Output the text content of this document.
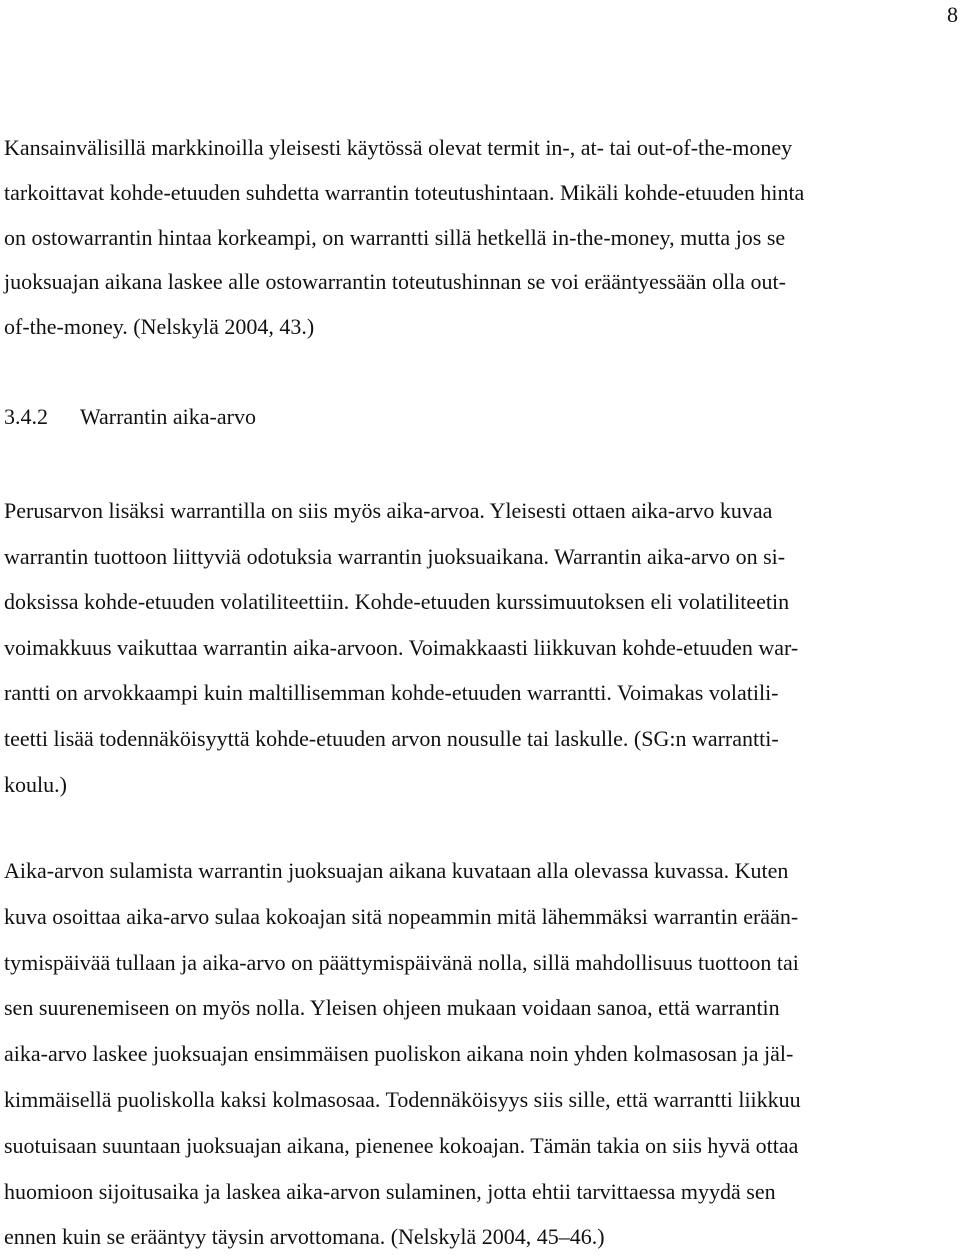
8

Kansainvälisillä markkinoilla yleisesti käytössä olevat termit in-, at- tai out-of-the-money
tarkoittavat kohde-etuuden suhdetta warrantin toteutushintaan. Mikäli kohde-etuuden hinta
on ostowarrantin hintaa korkeampi, on warrantti sillä hetkellä in-the-money, mutta jos se
juoksuajan aikana laskee alle ostowarrantin toteutushinnan se voi erääntyessään olla out-
of-the-money. (Nelskylä 2004, 43.)

3.4.2 Warrantin aika-arvo

Perusarvon lisäksi warrantilla on siis myös aika-arvoa. Yleisesti ottaen aika-arvo kuvaa
warrantin tuottoon liittyviä odotuksia warrantin juoksuaikana. Warrantin aika-arvo on si-
doksissa kohde-etuuden volatiliteettiin. Kohde-etuuden kurssimuutoksen eli volatiliteetin
voimakkuus vaikuttaa warrantin aika-arvoon. Voimakkaasti liikkuvan kohde-etuuden war-
rantti on arvokkaampi kuin maltillisemman kohde-etuuden warrantti. Voimakas volatili-
teetti lisää todennäköisyyttä kohde-etuuden arvon nousulle tai laskulle. (SG:n warrantti-
koulu.)

Aika-arvon sulamista warrantin juoksuajan aikana kuvataan alla olevassa kuvassa. Kuten
kuva osoittaa aika-arvo sulaa kokoajan sitä nopeammin mitä lähemmäksi warrantin erään-
tymispäivää tullaan ja aika-arvo on päättymispäivänä nolla, sillä mahdollisuus tuottoon tai
sen suurenemiseen on myös nolla. Yleisen ohjeen mukaan voidaan sanoa, että warrantin
aika-arvo laskee juoksuajan ensimmäisen puoliskon aikana noin yhden kolmasosan ja jäl-
kimmäisellä puoliskolla kaksi kolmasosaa. Todennäköisyys siis sille, että warrantti liikkuu
suotuisaan suuntaan juoksuajan aikana, pienenee kokoajan. Tämän takia on siis hyvä ottaa
huomioon sijoitusaika ja laskea aika-arvon sulaminen, jotta ehtii tarvittaessa myydä sen
ennen kuin se erääntyy täysin arvottomana. (Nelskylä 2004, 45–46.)
